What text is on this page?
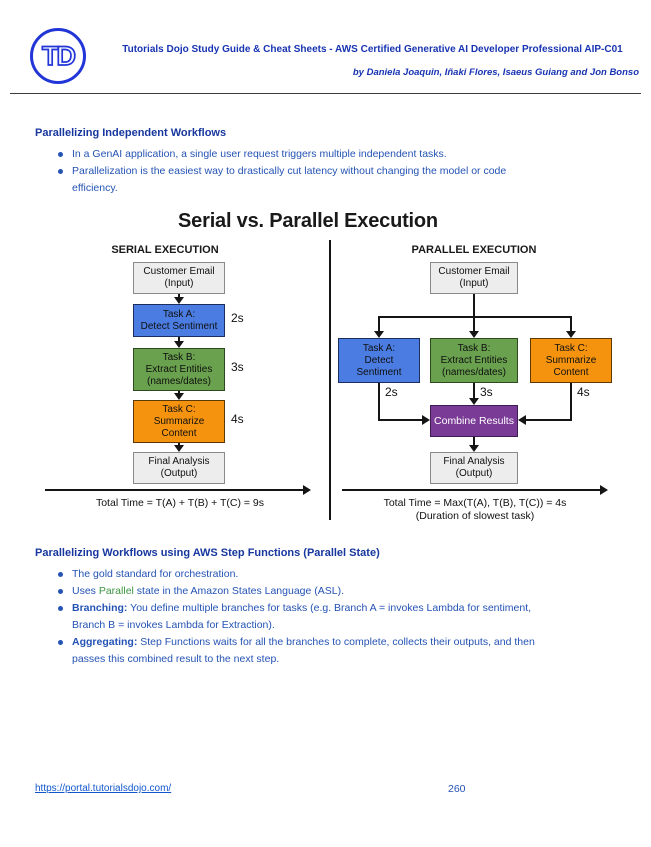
TD	Tutorials Dojo Study Guide & Cheat Sheets - AWS Certified Generative AI Developer Professional AIP-C01
by Daniela Joaquin, Iñaki Flores, Isaeus Guiang and Jon Bonso
Parallelizing Independent Workflows
In a GenAI application, a single user request triggers multiple independent tasks.
Parallelization is the easiest way to drastically cut latency without changing the model or code
efficiency.
Serial vs. Parallel Execution
SERIAL EXECUTION	PARALLEL EXECUTION
Customer Email
(Input)
Task A:
Detect Sentiment
2s
Task B:
Extract Entities
(names/dates)
3s
Task C:
Summarize
Content
4s
Final Analysis
(Output)
Total Time = T(A) + T(B) + T(C) = 9s
Customer Email
(Input)
Task A:
Detect
Sentiment
Task B:
Extract Entities
(names/dates)
Task C:
Summarize
Content
2s	3s	4s
Combine Results
Final Analysis
(Output)
Total Time = Max(T(A), T(B), T(C)) = 4s
(Duration of slowest task)
Parallelizing Workflows using AWS Step Functions (Parallel State)
The gold standard for orchestration.
Uses Parallel state in the Amazon States Language (ASL).
Branching: You define multiple branches for tasks (e.g. Branch A = invokes Lambda for sentiment,
Branch B = invokes Lambda for Extraction).
Aggregating: Step Functions waits for all the branches to complete, collects their outputs, and then
passes this combined result to the next step.
https://portal.tutorialsdojo.com/	260
